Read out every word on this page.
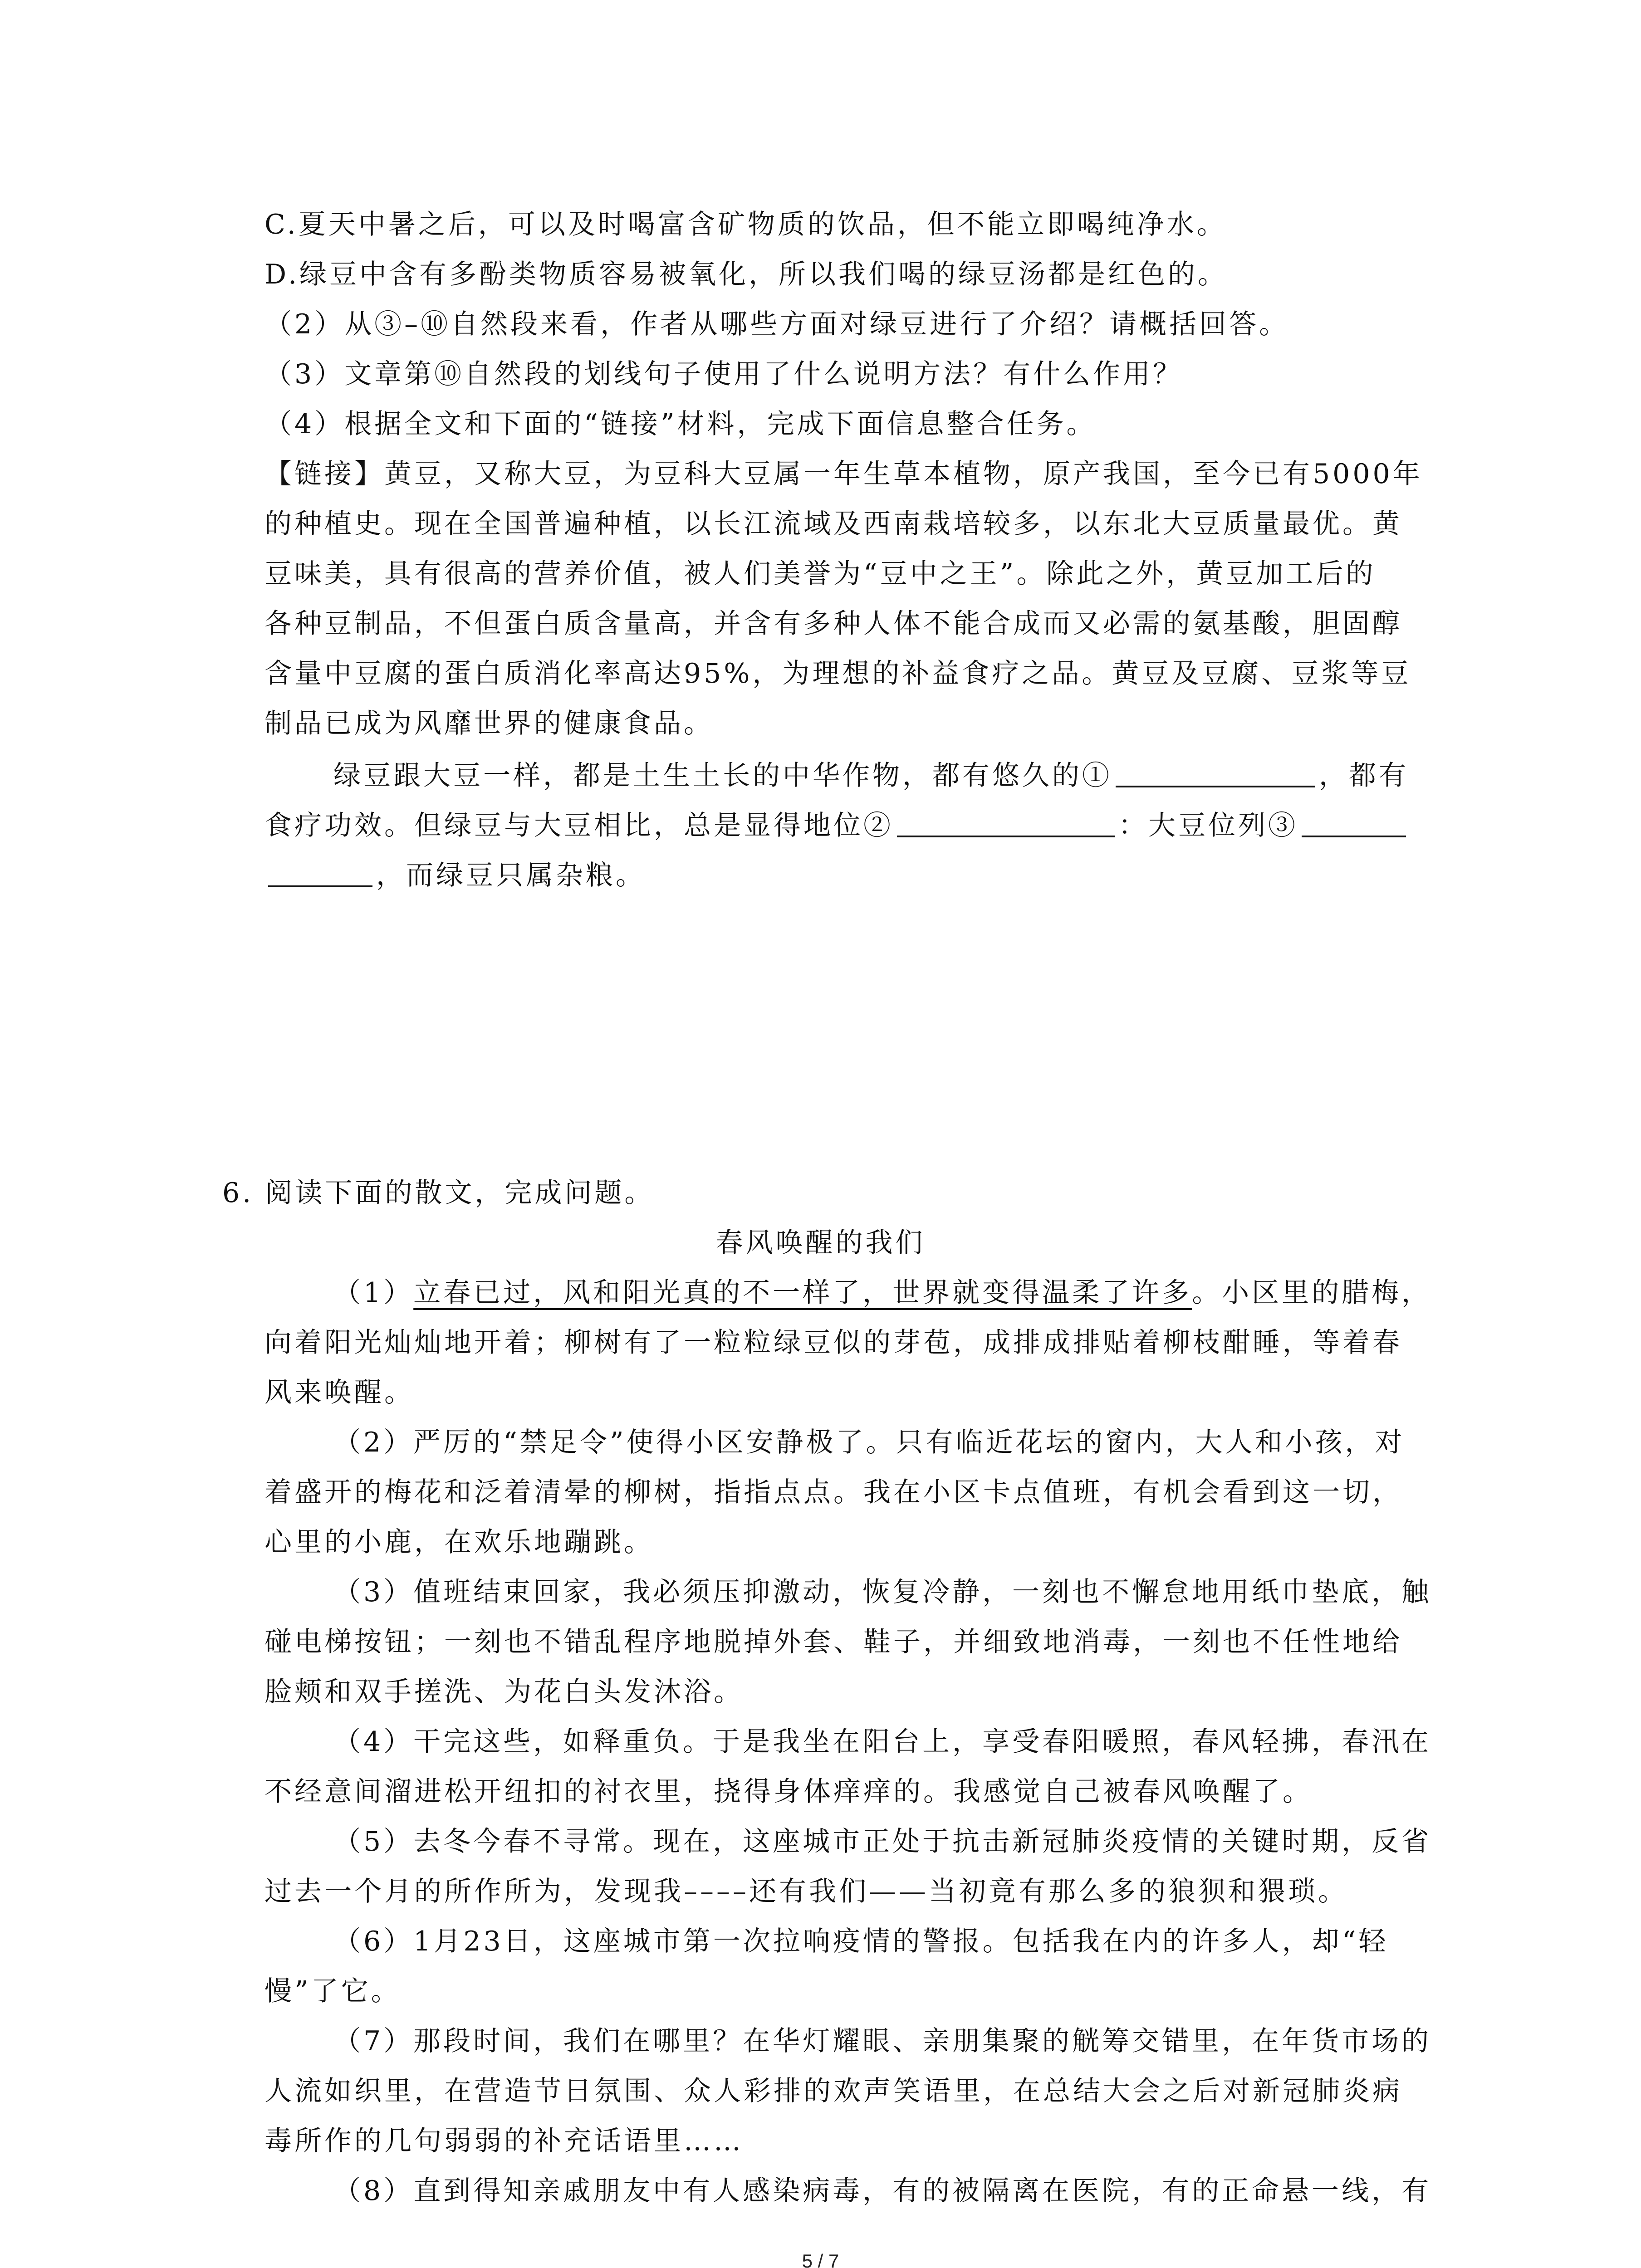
C.夏天中暑之后，可以及时喝富含矿物质的饮品，但不能立即喝纯净水。
D.绿豆中含有多酚类物质容易被氧化，所以我们喝的绿豆汤都是红色的。
（2）从③–⑩自然段来看，作者从哪些方面对绿豆进行了介绍？请概括回答。
（3）文章第⑩自然段的划线句子使用了什么说明方法？有什么作用？
（4）根据全文和下面的“链接”材料，完成下面信息整合任务。
【链接】黄豆，又称大豆，为豆科大豆属一年生草本植物，原产我国，至今已有5000年
的种植史。现在全国普遍种植，以长江流域及西南栽培较多，以东北大豆质量最优。黄
豆味美，具有很高的营养价值，被人们美誉为“豆中之王”。除此之外，黄豆加工后的
各种豆制品，不但蛋白质含量高，并含有多种人体不能合成而又必需的氨基酸，胆固醇
含量中豆腐的蛋白质消化率高达95%，为理想的补益食疗之品。黄豆及豆腐、豆浆等豆
制品已成为风靡世界的健康食品。
绿豆跟大豆一样，都是土生土长的中华作物，都有悠久的①	，都有
食疗功效。但绿豆与大豆相比，总是显得地位②	：大豆位列③
，而绿豆只属杂粮。
6. 阅读下面的散文，完成问题。
春风唤醒的我们
（1）立春已过，风和阳光真的不一样了，世界就变得温柔了许多。小区里的腊梅，
向着阳光灿灿地开着；柳树有了一粒粒绿豆似的芽苞，成排成排贴着柳枝酣睡，等着春
风来唤醒。
（2）严厉的“禁足令”使得小区安静极了。只有临近花坛的窗内，大人和小孩，对
着盛开的梅花和泛着清晕的柳树，指指点点。我在小区卡点值班，有机会看到这一切，
心里的小鹿，在欢乐地蹦跳。
（3）值班结束回家，我必须压抑激动，恢复冷静，一刻也不懈怠地用纸巾垫底，触
碰电梯按钮；一刻也不错乱程序地脱掉外套、鞋子，并细致地消毒，一刻也不任性地给
脸颊和双手搓洗、为花白头发沐浴。
（4）干完这些，如释重负。于是我坐在阳台上，享受春阳暖照，春风轻拂，春汛在
不经意间溜进松开纽扣的衬衣里，挠得身体痒痒的。我感觉自己被春风唤醒了。
（5）去冬今春不寻常。现在，这座城市正处于抗击新冠肺炎疫情的关键时期，反省
过去一个月的所作所为，发现我––––还有我们——当初竟有那么多的狼狈和猥琐。
（6）1月23日，这座城市第一次拉响疫情的警报。包括我在内的许多人，却“轻
慢”了它。
（7）那段时间，我们在哪里？在华灯耀眼、亲朋集聚的觥筹交错里，在年货市场的
人流如织里，在营造节日氛围、众人彩排的欢声笑语里，在总结大会之后对新冠肺炎病
毒所作的几句弱弱的补充话语里……
（8）直到得知亲戚朋友中有人感染病毒，有的被隔离在医院，有的正命悬一线，有
5 / 7
